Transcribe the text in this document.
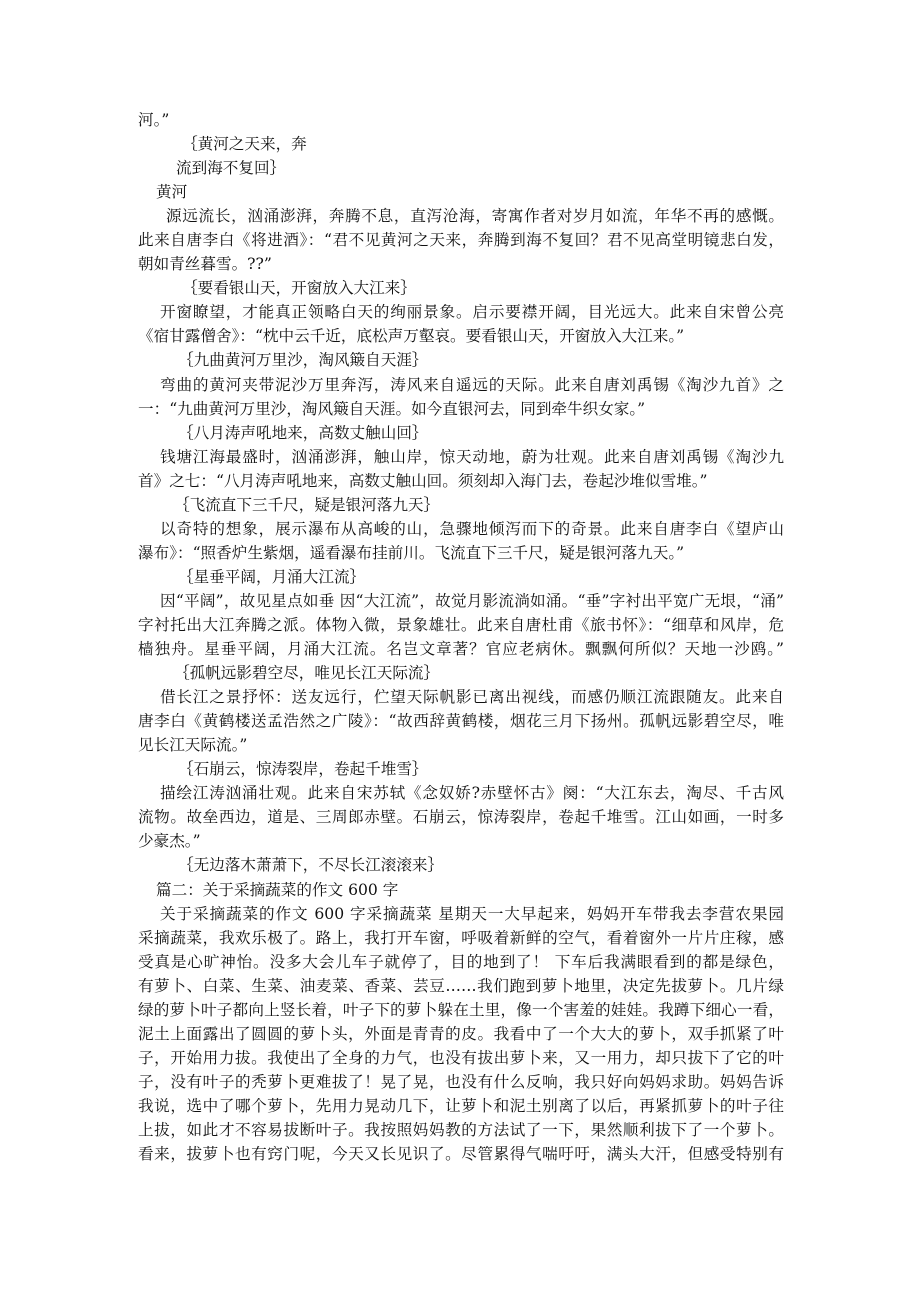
河。”
｛黄河之天来，奔
流到海不复回｝
黄河
源远流长，汹涌澎湃，奔腾不息，直泻沧海，寄寓作者对岁月如流，年华不再的感慨。
此来自唐李白《将进酒》：“君不见黄河之天来，奔腾到海不复回？君不见高堂明镜悲白发，
朝如青丝暮雪。??”
｛要看银山天，开窗放入大江来｝
开窗瞭望，才能真正领略白天的绚丽景象。启示要襟开阔，目光远大。此来自宋曾公亮
《宿甘露僧舍》：“枕中云千近，底松声万壑哀。要看银山天，开窗放入大江来。”
｛九曲黄河万里沙，淘风簸自天涯｝
弯曲的黄河夹带泥沙万里奔泻，涛风来自遥远的天际。此来自唐刘禹锡《淘沙九首》之
一：“九曲黄河万里沙，淘风簸自天涯。如今直银河去，同到牵牛织女家。”
｛八月涛声吼地来，高数丈触山回｝
钱塘江海最盛时，汹涌澎湃，触山岸，惊天动地，蔚为壮观。此来自唐刘禹锡《淘沙九
首》之七：“八月涛声吼地来，高数丈触山回。须刻却入海门去，卷起沙堆似雪堆。”
｛飞流直下三千尺，疑是银河落九天｝
以奇特的想象，展示瀑布从高峻的山，急骤地倾泻而下的奇景。此来自唐李白《望庐山
瀑布》：“照香炉生紫烟，遥看瀑布挂前川。飞流直下三千尺，疑是银河落九天。”
｛星垂平阔，月涌大江流｝
因“平阔”，故见星点如垂 因“大江流”，故觉月影流淌如涌。“垂”字衬出平宽广无垠，“涌”
字衬托出大江奔腾之派。体物入微，景象雄壮。此来自唐杜甫《旅书怀》：“细草和风岸，危
樯独舟。星垂平阔，月涌大江流。名岂文章著？官应老病休。飘飘何所似？天地一沙鸥。”
｛孤帆远影碧空尽，唯见长江天际流｝
借长江之景抒怀：送友远行，伫望天际帆影已离出视线，而感仍顺江流跟随友。此来自
唐李白《黄鹤楼送孟浩然之广陵》：“故西辞黄鹤楼，烟花三月下扬州。孤帆远影碧空尽，唯
见长江天际流。”
｛石崩云，惊涛裂岸，卷起千堆雪｝
描绘江涛汹涌壮观。此来自宋苏轼《念奴娇?赤壁怀古》阕：“大江东去，淘尽、千古风
流物。故垒西边，道是、三周郎赤壁。石崩云，惊涛裂岸，卷起千堆雪。江山如画，一时多
少豪杰。”
｛无边落木萧萧下，不尽长江滚滚来｝
篇二：关于采摘蔬菜的作文 600 字
关于采摘蔬菜的作文 600 字采摘蔬菜 星期天一大早起来，妈妈开车带我去李营农果园
采摘蔬菜，我欢乐极了。路上，我打开车窗，呼吸着新鲜的空气，看着窗外一片片庄稼，感
受真是心旷神怡。没多大会儿车子就停了，目的地到了！ 下车后我满眼看到的都是绿色，
有萝卜、白菜、生菜、油麦菜、香菜、芸豆……我们跑到萝卜地里，决定先拔萝卜。几片绿
绿的萝卜叶子都向上竖长着，叶子下的萝卜躲在土里，像一个害羞的娃娃。我蹲下细心一看，
泥土上面露出了圆圆的萝卜头，外面是青青的皮。我看中了一个大大的萝卜，双手抓紧了叶
子，开始用力拔。我使出了全身的力气，也没有拔出萝卜来，又一用力，却只拔下了它的叶
子，没有叶子的秃萝卜更难拔了！晃了晃，也没有什么反响，我只好向妈妈求助。妈妈告诉
我说，选中了哪个萝卜，先用力晃动几下，让萝卜和泥土别离了以后，再紧抓萝卜的叶子往
上拔，如此才不容易拔断叶子。我按照妈妈教的方法试了一下，果然顺利拔下了一个萝卜。
看来，拔萝卜也有窍门呢，今天又长见识了。尽管累得气喘吁吁，满头大汗，但感受特别有
